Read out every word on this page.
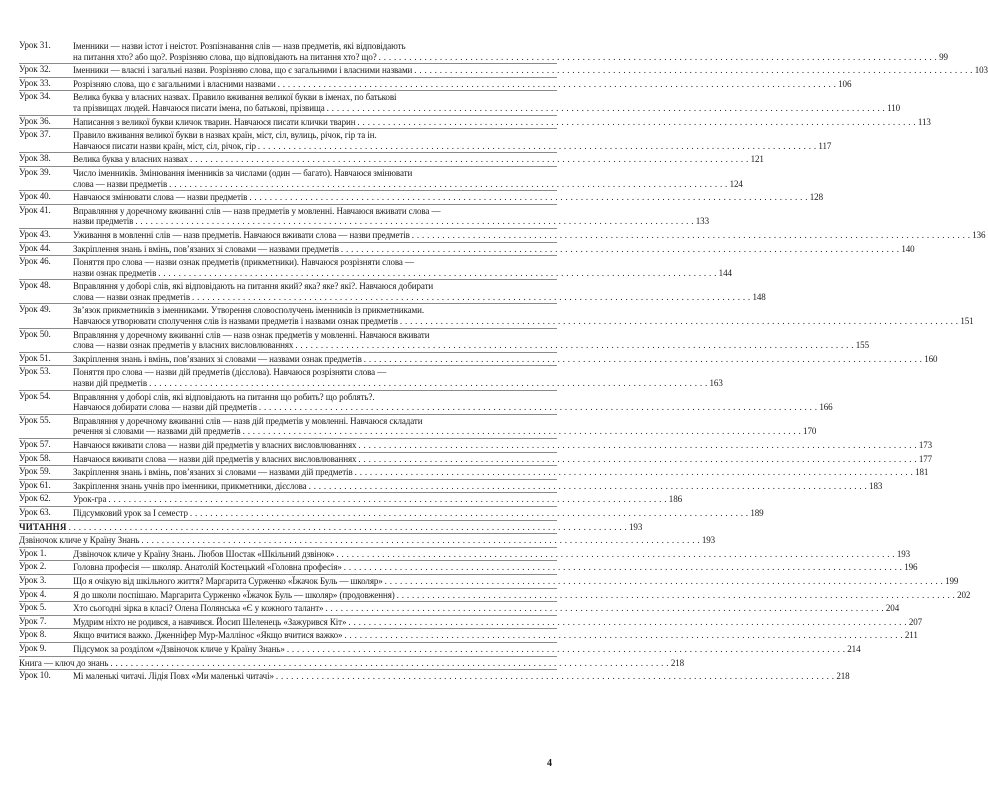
Урок 31.	Іменники — назви істот і неістот. Розпізнавання слів — назв предметів, які відповідають
на питання хто? або що?. Розрізняю слова, що відповідають на питання хто? що? . . .	99
Урок 32.	Іменники — власні і загальні назви. Розрізняю слова, що є загальними і власними назвами . . .	103
Урок 33.	Розрізняю слова, що є загальними і власними назвами . . .	106
Урок 34.	Велика буква у власних назвах. Правило вживання великої букви в іменах, по батькові
та прізвищах людей. Навчаюся писати імена, по батькові, прізвища . . .	110
Урок 36.	Написання з великої букви кличок тварин. Навчаюся писати клички тварин . . .	113
Урок 37.	Правило вживання великої букви в назвах країн, міст, сіл, вулиць, річок, гір та ін.
Навчаюся писати назви країн, міст, сіл, річок, гір . . .	117
Урок 38.	Велика буква у власних назвах . . .	121
Урок 39.	Число іменників. Змінювання іменників за числами (один — багато). Навчаюся змінювати
слова — назви предметів . . .	124
Урок 40.	Навчаюся змінювати слова — назви предметів . . .	128
Урок 41.	Вправляння у доречному вживанні слів — назв предметів у мовленні. Навчаюся вживати слова —
назви предметів . . .	133
Урок 43.	Уживання в мовленні слів — назв предметів. Навчаюся вживати слова — назви предметів . . .	136
Урок 44.	Закріплення знань і вмінь, пов’язаних зі словами — назвами предметів . . .	140
Урок 46.	Поняття про слова — назви ознак предметів (прикметники). Навчаюся розрізняти слова —
назви ознак предметів . . .	144
Урок 48.	Вправляння у доборі слів, які відповідають на питання який? яка? яке? які?. Навчаюся добирати
слова — назви ознак предметів . . .	148
Урок 49.	Зв’язок прикметників з іменниками. Утворення словосполучень іменників із прикметниками.
Навчаюся утворювати сполучення слів із назвами предметів і назвами ознак предметів . . .	151
Урок 50.	Вправляння у доречному вживанні слів — назв ознак предметів у мовленні. Навчаюся вживати
слова — назви ознак предметів у власних висловлюваннях . . .	155
Урок 51.	Закріплення знань і вмінь, пов’язаних зі словами — назвами ознак предметів . . .	160
Урок 53.	Поняття про слова — назви дій предметів (дієслова). Навчаюся розрізняти слова —
назви дій предметів . . .	163
Урок 54.	Вправляння у доборі слів, які відповідають на питання що робить? що роблять?.
Навчаюся добирати слова — назви дій предметів . . .	166
Урок 55.	Вправляння у доречному вживанні слів — назв дій предметів у мовленні. Навчаюся складати
речення зі словами — назвами дій предметів . . .	170
Урок 57.	Навчаюся вживати слова — назви дій предметів у власних висловлюваннях . . .	173
Урок 58.	Навчаюся вживати слова — назви дій предметів у власних висловлюваннях . . .	177
Урок 59.	Закріплення знань і вмінь, пов’язаних зі словами — назвами дій предметів . . .	181
Урок 61.	Закріплення знань учнів про іменники, прикметники, дієслова . . .	183
Урок 62.	Урок-гра . . .	186
Урок 63.	Підсумковий урок за I семестр . . .	189
ЧИТАННЯ . . .	193
Дзвіночок кличе у Країну Знань . . .	193
Урок 1.	Дзвіночок кличе у Країну Знань. Любов Шостак «Шкільний дзвінок» . . .	193
Урок 2.	Головна професія — школяр. Анатолій Костецький «Головна професія» . . .	196
Урок 3.	Що я очікую від шкільного життя? Маргарита Сурженко «Їжачок Буль — школяр» . . .	199
Урок 4.	Я до школи поспішаю. Маргарита Сурженко «Їжачок Буль — школяр» (продовження) . . .	202
Урок 5.	Хто сьогодні зірка в класі? Олена Полянська «Є у кожного талант» . . .	204
Урок 7.	Мудрим ніхто не родився, а навчився. Йосип Шеленець «Зажурився Кіт» . . .	207
Урок 8.	Якщо вчитися важко. Дженніфер Мур-Малліноc «Якщо вчитися важко» . . .	211
Урок 9.	Підсумок за розділом «Дзвіночок кличе у Країну Знань» . . .	214
Книга — ключ до знань . . .	218
Урок 10.	Мі маленькі читачі. Лідія Повх «Ми маленькі читачі» . . .	218
4
